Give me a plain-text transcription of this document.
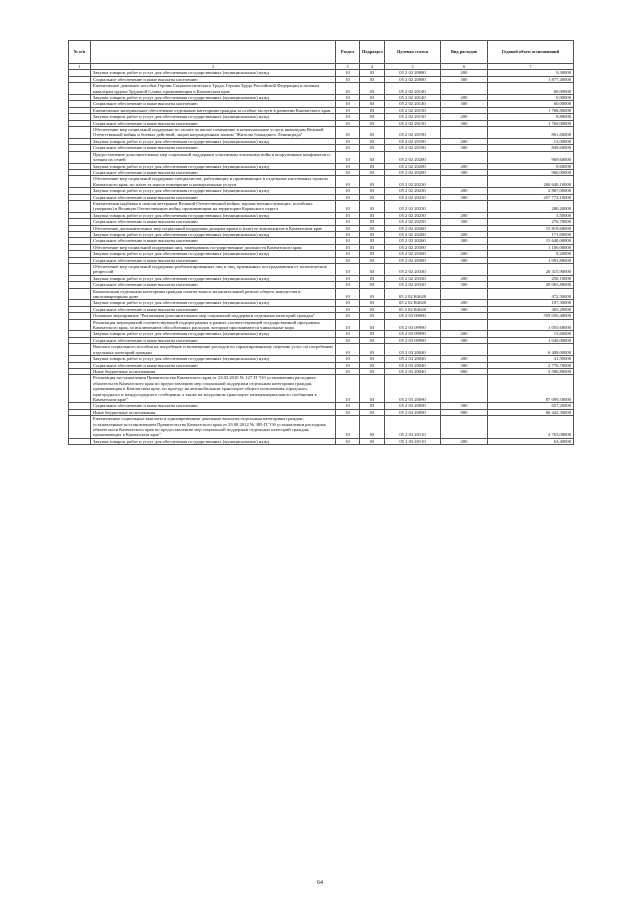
№ п/п		Раздел	Подраздел	Целевая статья	Вид расходов	Годовой объем ассигнований
1	2	3	4	5	6	7
	Закупка товаров, работ и услуг для обеспечения государственных (муниципальных) нужд	10	03	05 2 02 20080	200	9,30000
	Социальное обеспечение и иные выплаты населению	10	03	05 2 02 20080	300	1 877,40000
	Ежемесячное денежное пособие Героям Социалистического Труда, Героям Труда Российской Федерации и полным кавалерам ордена Трудовой Славы, проживающим в Камчатском крае	10	03	05 2 02 20140		60,90000
	Закупка товаров, работ и услуг для обеспечения государственных (муниципальных) нужд	10	03	05 2 02 20140	200	0,90000
	Социальное обеспечение и иные выплаты населению	10	03	05 2 02 20140	300	60,00000
	Ежемесячное материальное обеспечение отдельным категориям граждан за особые заслуги в развитии Камчатского края	10	03	05 2 02 20150		1 768,80000
	Закупка товаров, работ и услуг для обеспечения государственных (муниципальных) нужд	10	03	05 2 02 20150	200	8,80000
	Социальное обеспечение и иные выплаты населению	10	03	05 2 02 20150	300	1 760,00000
	Обеспечение мер социальной поддержки по оплате за жилое помещение и коммунальные услуги инвалидам Великой Отечественной войны и боевых действий, лицам награжденным знаком "Жителю блокадного Ленинграда"	10	03	05 2 02 20190		861,60000
	Закупка товаров, работ и услуг для обеспечения государственных (муниципальных) нужд	10	03	05 2 02 20190	200	12,00000
	Социальное обеспечение и иные выплаты населению	10	03	05 2 02 20190	300	849,60000
	Предоставление дополнительных мер социальной поддержки участникам локальных войн и вооруженных конфликтов и членам их семей	10	03	05 2 02 20200		969,60000
	Закупка товаров, работ и услуг для обеспечения государственных (муниципальных) нужд	10	03	05 2 02 20200	200	9,60000
	Социальное обеспечение и иные выплаты населению	10	03	05 2 02 20200	300	960,00000
	Обеспечение мер социальной поддержки специалистов, работающих и проживающих в отдельных населенных пунктах Камчатского края, по плате за жилое помещение и коммунальные услуги	10	03	05 2 02 20230		260 640,10000
	Закупка товаров, работ и услуг для обеспечения государственных (муниципальных) нужд	10	03	05 2 02 20230	200	2 867,00000
	Социальное обеспечение и иные выплаты населению	10	03	05 2 02 20230	300	257 773,10000
	Ежемесячная надбавка к пенсии ветеранам Великой Отечественной войны, вдовам военнослужащих, погибших (умерших) в Великую Отечественную войну, проживающим на территории Корякского округа	10	03	05 2 02 20250		280,20000
	Закупка товаров, работ и услуг для обеспечения государственных (муниципальных) нужд	10	03	05 2 02 20250	200	3,50000
	Социальное обеспечение и иные выплаты населению	10	03	05 2 02 20250	300	276,70000
	Обеспечение дополнительных мер социальной поддержки донорам крови и (или) ее компонентов в Камчатском крае	10	03	05 2 02 20260		15 819,60000
	Закупка товаров, работ и услуг для обеспечения государственных (муниципальных) нужд	10	03	05 2 02 20260	200	171,60000
	Социальное обеспечение и иные выплаты населению	10	03	05 2 02 20260	300	15 648,00000
	Обеспечение мер социальной поддержки лиц, замещавших государственные должности Камчатского края	10	03	05 2 02 20300		1 100,00000
	Закупка товаров, работ и услуг для обеспечения государственных (муниципальных) нужд	10	03	05 2 02 20300	200	8,20000
	Социальное обеспечение и иные выплаты населению	10	03	05 2 02 20300	300	1 091,80000
	Обеспечение мер социальной поддержки реабилитированных лиц и лиц, признанных пострадавшими от политических репрессий	10	03	05 2 02 20330		20 315,90000
	Закупка товаров, работ и услуг для обеспечения государственных (муниципальных) нужд	10	03	05 2 02 20330	200	250,10000
	Социальное обеспечение и иные выплаты населению	10	03	05 2 02 20330	300	20 065,80000
	Компенсация отдельным категориям граждан оплаты взноса на капитальный ремонт общего имущества в многоквартирном доме	10	03	05 2 02 R4620		472,50000
	Закупка товаров, работ и услуг для обеспечения государственных (муниципальных) нужд	10	03	05 2 02 R4620	200	107,30000
	Социальное обеспечение и иные выплаты населению	10	03	05 2 02 R4620	300	365,20000
	Основное мероприятие "Реализация дополнительных мер социальной поддержки отдельных категорий граждан"	10	03	05 2 03 00000		559 050,48000
	Реализация мероприятий соответствующей подпрограммы в рамках соответствующей государственной программы Камчатского края, за исключением обособленных расходов, которым присваиваются уникальные коды	10	03	05 2 03 09990		1 055,60000
	Закупка товаров, работ и услуг для обеспечения государственных (муниципальных) нужд	10	03	05 2 03 09990	200	15,60000
	Социальное обеспечение и иные выплаты населению	10	03	05 2 03 09990	300	1 040,00000
	Выплата социального пособия на погребение и возмещение расходов по гарантированному перечню услуг по погребению отдельных категорий граждан	10	03	05 2 03 20040		6 408,00000
	Закупка товаров, работ и услуг для обеспечения государственных (муниципальных) нужд	10	03	05 2 03 20040	200	41,50000
	Социальное обеспечение и иные выплаты населению	10	03	05 2 03 20040	300	2 776,70000
	Иные бюджетные ассигнования	10	03	05 2 03 20040	800	3 586,80000
	Реализация постановления Правительства Камчатского края от 23.03.2010 № 127-П "Об установлении расходных обязательств Камчатского края по предоставлению мер социальной поддержки отдельным категориям граждан, проживающим в Камчатском крае, по проезду на автомобильном транспорте общего пользования городского, пригородного и междугородного сообщения, а также на воздушном транспорте межмуниципального сообщения в Камчатском крае"	10	03	05 2 03 20090		87 099,50000
	Социальное обеспечение и иные выплаты населению	10	03	05 2 03 20090	300	657,20000
	Иные бюджетные ассигнования	10	03	05 2 03 20090	800	86 442,30000
	Ежемесячные социальные выплаты и единовременные денежные выплаты отдельным категориям граждан, установленные постановлением Правительства Камчатского края от 23.08.2012 № 385-П "Об установлении расходных обязательств Камчатского края по предоставлению мер социальной поддержки отдельных категорий граждан, проживающих в Камчатском крае"	10	03	05 2 03 20110		4 763,08000
	Закупка товаров, работ и услуг для обеспечения государственных (муниципальных) нужд	10	03	05 2 03 20110	200	63,40000
64
